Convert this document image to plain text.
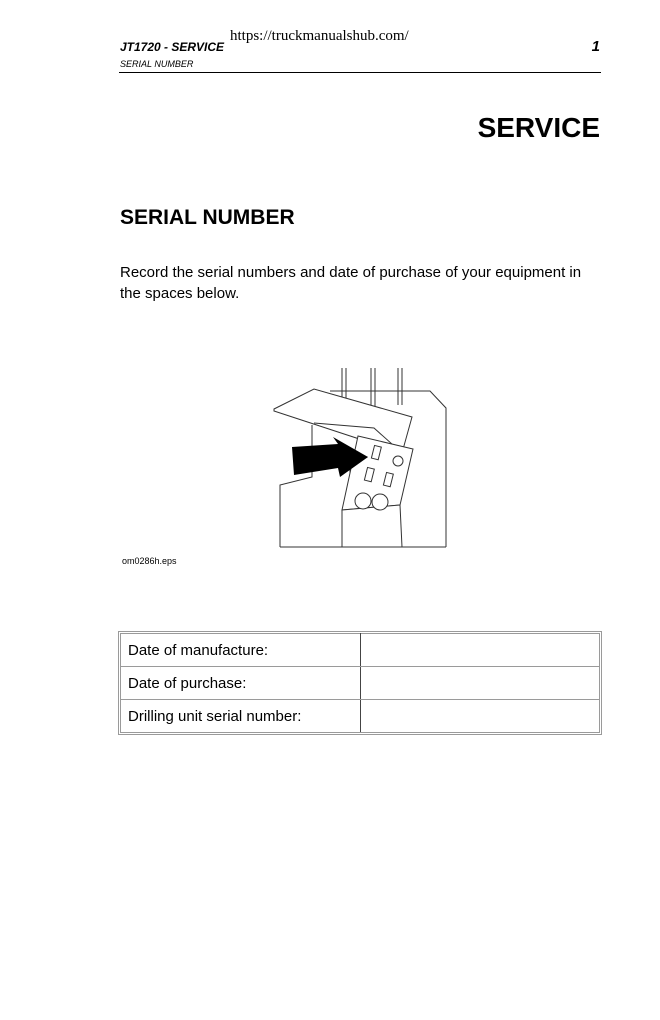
https://truckmanualshub.com/
JT1720 - SERVICE	1
SERIAL NUMBER
SERVICE
SERIAL NUMBER

Record the serial numbers and date of purchase of your equipment in the spaces below.

om0286h.eps
Date of manufacture:	
Date of purchase:	
Drilling unit serial number:	
